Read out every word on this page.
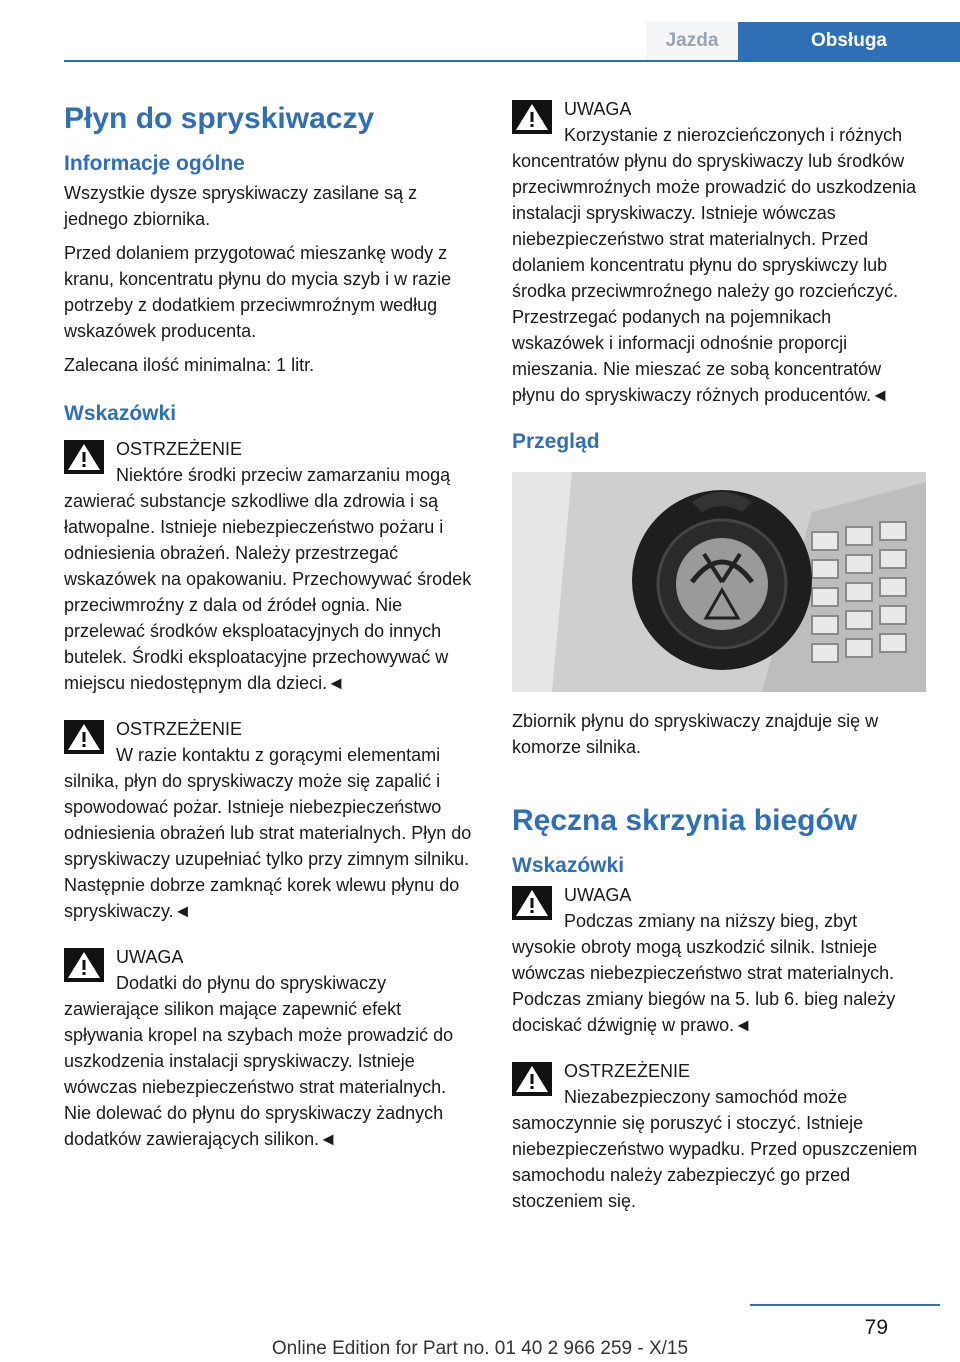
Jazda	Obsługa
Płyn do spryskiwaczy
Informacje ogólne
Wszystkie dysze spryskiwaczy zasilane są z jednego zbiornika.
Przed dolaniem przygotować mieszankę wody z kranu, koncentratu płynu do mycia szyb i w razie potrzeby z dodatkiem przeciwmroźnym według wskazówek producenta.
Zalecana ilość minimalna: 1 litr.
Wskazówki
OSTRZEŻENIE
Niektóre środki przeciw zamarzaniu mogą zawierać substancje szkodliwe dla zdrowia i są łatwopalne. Istnieje niebezpieczeństwo pożaru i odniesienia obrażeń. Należy przestrzegać wskazówek na opakowaniu. Przechowywać środek przeciwmroźny z dala od źródeł ognia. Nie przelewać środków eksploatacyjnych do innych butelek. Środki eksploatacyjne przechowywać w miejscu niedostępnym dla dzieci.◄
OSTRZEŻENIE
W razie kontaktu z gorącymi elementami silnika, płyn do spryskiwaczy może się zapalić i spowodować pożar. Istnieje niebezpieczeństwo odniesienia obrażeń lub strat materialnych. Płyn do spryskiwaczy uzupełniać tylko przy zimnym silniku. Następnie dobrze zamknąć korek wlewu płynu do spryskiwaczy.◄
UWAGA
Dodatki do płynu do spryskiwaczy zawierające silikon mające zapewnić efekt spływania kropel na szybach może prowadzić do uszkodzenia instalacji spryskiwaczy. Istnieje wówczas niebezpieczeństwo strat materialnych. Nie dolewać do płynu do spryskiwaczy żadnych dodatków zawierających silikon.◄
UWAGA
Korzystanie z nierozcieńczonych i różnych koncentratów płynu do spryskiwaczy lub środków przeciwmroźnych może prowadzić do uszkodzenia instalacji spryskiwaczy. Istnieje wówczas niebezpieczeństwo strat materialnych. Przed dolaniem koncentratu płynu do spryskiwczy lub środka przeciwmroźnego należy go rozcieńczyć. Przestrzegać podanych na pojemnikach wskazówek i informacji odnośnie proporcji mieszania. Nie mieszać ze sobą koncentratów płynu do spryskiwaczy różnych producentów.◄
Przegląd
Zbiornik płynu do spryskiwaczy znajduje się w komorze silnika.
Ręczna skrzynia biegów
Wskazówki
UWAGA
Podczas zmiany na niższy bieg, zbyt wysokie obroty mogą uszkodzić silnik. Istnieje wówczas niebezpieczeństwo strat materialnych. Podczas zmiany biegów na 5. lub 6. bieg należy dociskać dźwignię w prawo.◄
OSTRZEŻENIE
Niezabezpieczony samochód może samoczynnie się poruszyć i stoczyć. Istnieje niebezpieczeństwo wypadku. Przed opuszczeniem samochodu należy zabezpieczyć go przed stoczeniem się.
79
Online Edition for Part no. 01 40 2 966 259 - X/15
